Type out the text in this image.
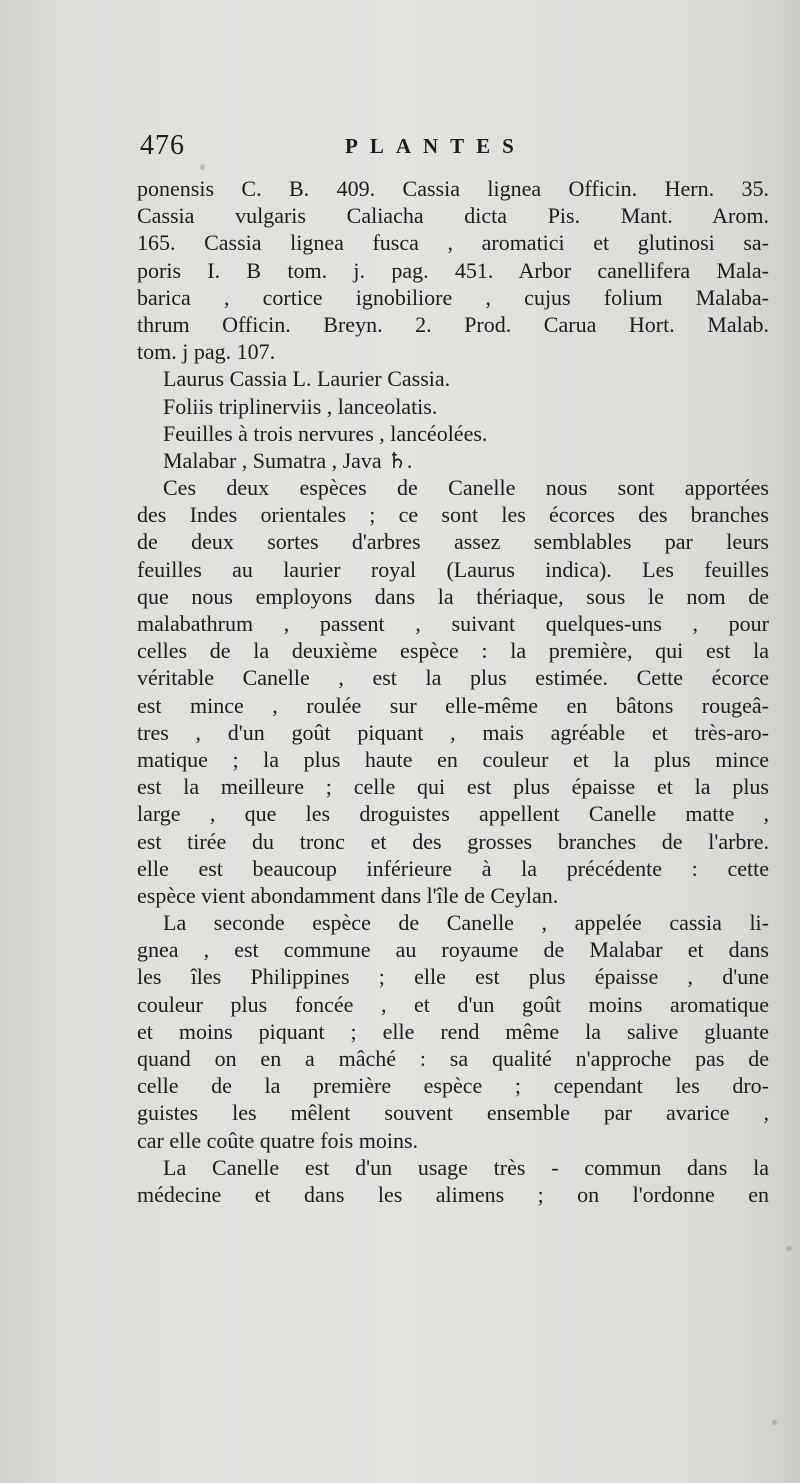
476	PLANTES
ponensis C. B. 409. Cassia lignea Officin. Hern. 35.
Cassia vulgaris Caliacha dicta Pis. Mant. Arom.
165. Cassia lignea fusca , aromatici et glutinosi sa-
poris I. B tom. j. pag. 451. Arbor canellifera Mala-
barica , cortice ignobiliore , cujus folium Malaba-
thrum Officin. Breyn. 2. Prod. Carua Hort. Malab.
tom. j pag. 107.
Laurus Cassia L. Laurier Cassia.
Foliis triplinerviis , lanceolatis.
Feuilles à trois nervures , lancéolées.
Malabar , Sumatra , Java ♄.
Ces deux espèces de Canelle nous sont apportées
des Indes orientales ; ce sont les écorces des branches
de deux sortes d'arbres assez semblables par leurs
feuilles au laurier royal (Laurus indica). Les feuilles
que nous employons dans la thériaque, sous le nom de
malabathrum , passent , suivant quelques-uns , pour
celles de la deuxième espèce : la première, qui est la
véritable Canelle , est la plus estimée. Cette écorce
est mince , roulée sur elle-même en bâtons rougeâ-
tres , d'un goût piquant , mais agréable et très-aro-
matique ; la plus haute en couleur et la plus mince
est la meilleure ; celle qui est plus épaisse et la plus
large , que les droguistes appellent Canelle matte ,
est tirée du tronc et des grosses branches de l'arbre.
elle est beaucoup inférieure à la précédente : cette
espèce vient abondamment dans l'île de Ceylan.
La seconde espèce de Canelle , appelée cassia li-
gnea , est commune au royaume de Malabar et dans
les îles Philippines ; elle est plus épaisse , d'une
couleur plus foncée , et d'un goût moins aromatique
et moins piquant ; elle rend même la salive gluante
quand on en a mâché : sa qualité n'approche pas de
celle de la première espèce ; cependant les dro-
guistes les mêlent souvent ensemble par avarice ,
car elle coûte quatre fois moins.
La Canelle est d'un usage très - commun dans la
médecine et dans les alimens ; on l'ordonne en
